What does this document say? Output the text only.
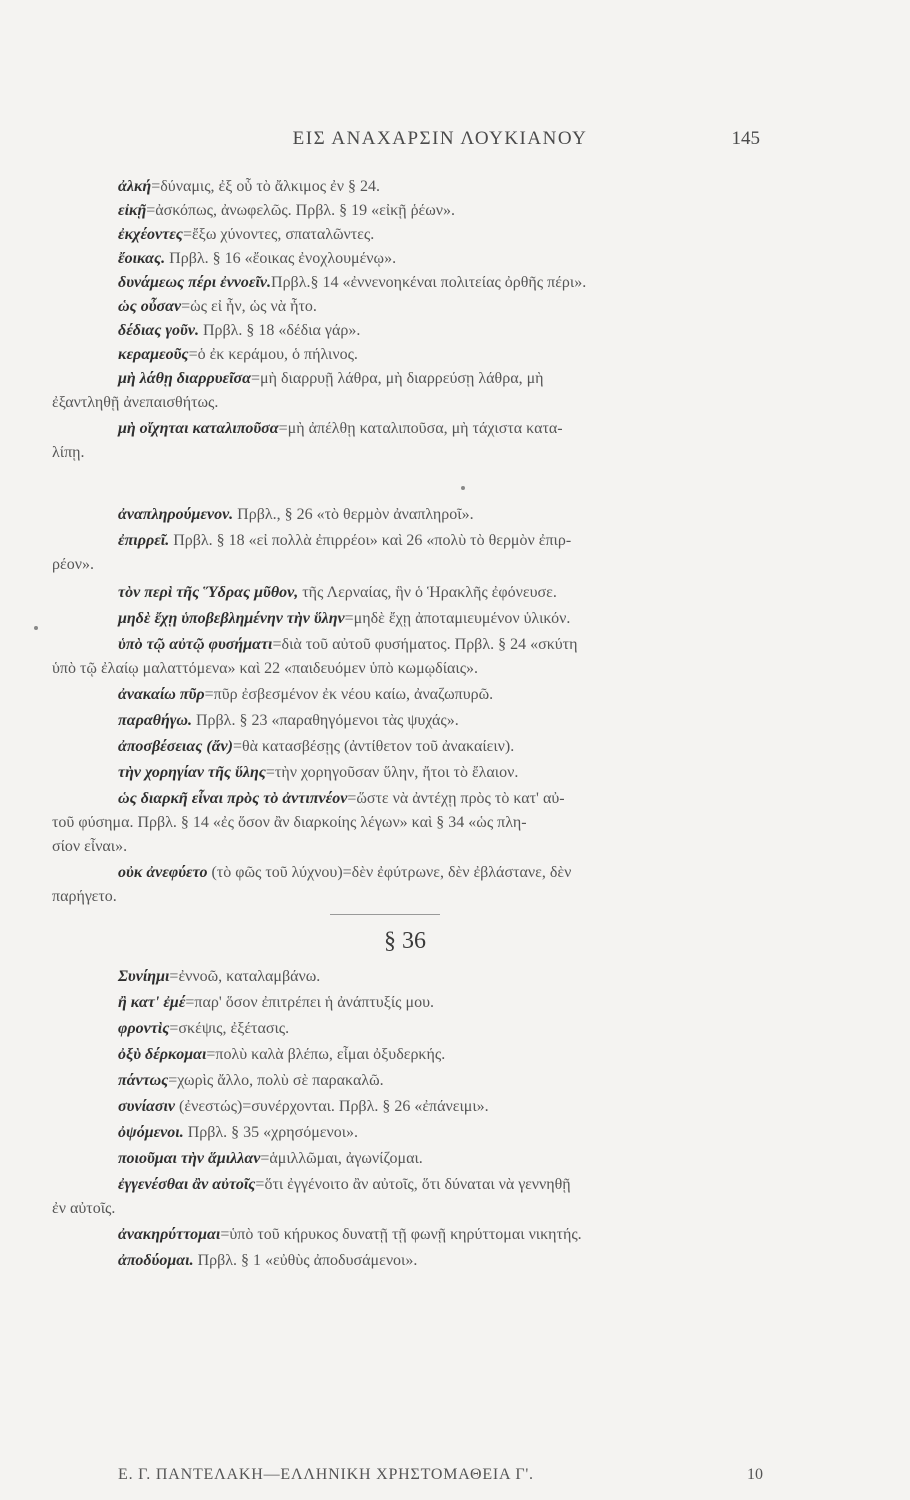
ΕΙΣ ΑΝΑΧΑΡΣΙΝ ΛΟΥΚΙΑΝΟΥ	145
ἀλκή=δύναμις, ἐξ οὗ τὸ ἄλκιμος ἐν § 24.
εἰκῇ=ἀσκόπως, ἀνωφελῶς. Πρβλ. § 19 «εἰκῇ ῥέων».
ἐκχέοντες=ἔξω χύνοντες, σπαταλῶντες.
ἔοικας. Πρβλ. § 16 «ἔοικας ἐνοχλουμένῳ».
δυνάμεως πέρι ἐννοεῖν.Πρβλ.§ 14 «ἐννενοηκέναι πολιτείας ὀρθῆς πέρι».
ὡς οὖσαν=ὡς εἰ ἦν, ὡς νὰ ἦτο.
δέδιας γοῦν. Πρβλ. § 18 «δέδια γάρ».
κεραμεοῦς=ὁ ἐκ κεράμου, ὁ πήλινος.
μὴ λάθῃ διαρρυεῖσα=μὴ διαρρυῇ λάθρα, μὴ διαρρεύσῃ λάθρα, μὴ
ἐξαντληθῇ ἀνεπαισθήτως.
μὴ οἴχηται καταλιποῦσα=μὴ ἀπέλθῃ καταλιποῦσα, μὴ τάχιστα κατα-
λίπῃ.
ἀναπληρούμενον. Πρβλ., § 26 «τὸ θερμὸν ἀναπληροῖ».
ἐπιρρεῖ. Πρβλ. § 18 «εἰ πολλὰ ἐπιρρέοι» καὶ 26 «πολὺ τὸ θερμὸν ἐπιρ-
ρέον».
τὸν περὶ τῆς Ὕδρας μῦθον, τῆς Λερναίας, ἣν ὁ Ἡρακλῆς ἐφόνευσε.
μηδὲ ἔχῃ ὑποβεβλημένην τὴν ὕλην=μηδὲ ἔχῃ ἀποταμιευμένον ὑλικόν.
ὑπὸ τῷ αὐτῷ φυσήματι=διὰ τοῦ αὐτοῦ φυσήματος. Πρβλ. § 24 «σκύτη
ὑπὸ τῷ ἐλαίῳ μαλαττόμενα» καὶ 22 «παιδευόμεν ὑπὸ κωμῳδίαις».
ἀνακαίω πῦρ=πῦρ ἐσβεσμένον ἐκ νέου καίω, ἀναζωπυρῶ.
παραθήγω. Πρβλ. § 23 «παραθηγόμενοι τὰς ψυχάς».
ἀποσβέσειας (ἄν)=θὰ κατασβέσῃς (ἀντίθετον τοῦ ἀνακαίειν).
τὴν χορηγίαν τῆς ὕλης=τὴν χορηγοῦσαν ὕλην, ἤτοι τὸ ἔλαιον.
ὡς διαρκῆ εἶναι πρὸς τὸ ἀντιπνέον=ὥστε νὰ ἀντέχῃ πρὸς τὸ κατ' αὐ-
τοῦ φύσημα. Πρβλ. § 14 «ἐς ὅσον ἂν διαρκοίης λέγων» καὶ § 34 «ὡς πλη-
σίον εἶναι».
οὐκ ἀνεφύετο (τὸ φῶς τοῦ λύχνου)=δὲν ἐφύτρωνε, δὲν ἐβλάστανε, δὲν
παρήγετο.
Συνίημι=ἐννοῶ, καταλαμβάνω.
ἢ κατ' ἐμέ=παρ' ὅσον ἐπιτρέπει ἡ ἀνάπτυξίς μου.
φροντὶς=σκέψις, ἐξέτασις.
ὀξὺ δέρκομαι=πολὺ καλὰ βλέπω, εἶμαι ὀξυδερκής.
πάντως=χωρὶς ἄλλο, πολὺ σὲ παρακαλῶ.
συνίασιν (ἐνεστώς)=συνέρχονται. Πρβλ. § 26 «ἐπάνειμι».
ὀψόμενοι. Πρβλ. § 35 «χρησόμενοι».
ποιοῦμαι τὴν ἅμιλλαν=ἁμιλλῶμαι, ἀγωνίζομαι.
ἐγγενέσθαι ἂν αὐτοῖς=ὅτι ἐγγένοιτο ἂν αὐτοῖς, ὅτι δύναται νὰ γεννηθῇ
ἐν αὐτοῖς.
ἀνακηρύττομαι=ὑπὸ τοῦ κήρυκος δυνατῇ τῇ φωνῇ κηρύττομαι νικητής.
ἀποδύομαι. Πρβλ. § 1 «εὐθὺς ἀποδυσάμενοι».
§ 36
Ε. Γ. ΠΑΝΤΕΛΑΚΗ—ΕΛΛΗΝΙΚΗ ΧΡΗΣΤΟΜΑΘΕΙΑ Γ'.	10
